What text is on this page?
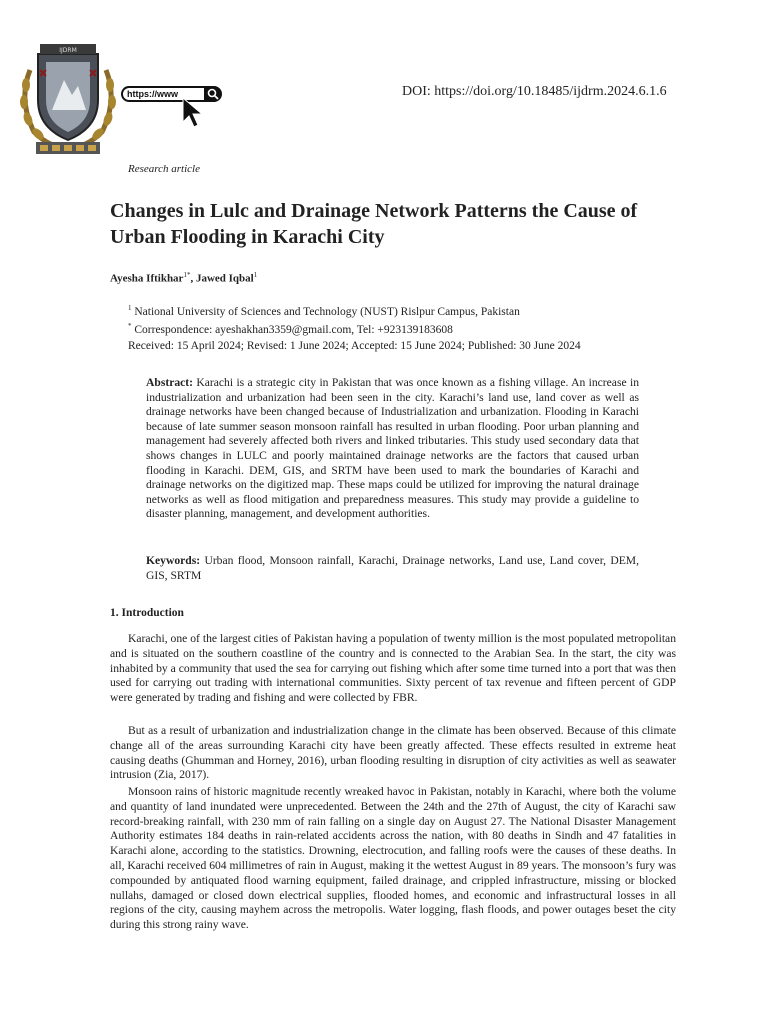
IJDRM
https://www	DOI: https://doi.org/10.18485/ijdrm.2024.6.1.6
Research article
Changes in Lulc and Drainage Network Patterns the Cause of Urban Flooding in Karachi City
Ayesha Iftikhar$^{1*}$, Jawed Iqbal$^1$
$^1$ National University of Sciences and Technology (NUST) Rislpur Campus, Pakistan
* Correspondence: ayeshakhan3359@gmail.com, Tel: +923139183608
Received: 15 April 2024; Revised: 1 June 2024; Accepted: 15 June 2024; Published: 30 June 2024

Abstract: Karachi is a strategic city in Pakistan that was once known as a fishing village. An increase in industrialization and urbanization had been seen in the city. Karachi’s land use, land cover as well as drainage networks have been changed because of Industrialization and urbanization. Flooding in Karachi because of late summer season monsoon rainfall has resulted in urban flooding. Poor urban planning and management had severely affected both rivers and linked tributaries. This study used secondary data that shows changes in LULC and poorly maintained drainage networks are the factors that caused urban flooding in Karachi. DEM, GIS, and SRTM have been used to mark the boundaries of Karachi and drainage networks on the digitized map. These maps could be utilized for improving the natural drainage networks as well as flood mitigation and preparedness measures. This study may provide a guideline to disaster planning, management, and development authorities.

Keywords: Urban flood, Monsoon rainfall, Karachi, Drainage networks, Land use, Land cover, DEM, GIS, SRTM

1. Introduction

Karachi, one of the largest cities of Pakistan having a population of twenty million is the most populated metropolitan and is situated on the southern coastline of the country and is connected to the Arabian Sea. In the start, the city was inhabited by a community that used the sea for carrying out fishing which after some time turned into a port that was then used for carrying out trading with international communities. Sixty percent of tax revenue and fifteen percent of GDP were generated by trading and fishing and were collected by FBR.

But as a result of urbanization and industrialization change in the climate has been observed. Because of this climate change all of the areas surrounding Karachi city have been greatly affected. These effects resulted in extreme heat causing deaths (Ghumman and Horney, 2016), urban flooding resulting in disruption of city activities as well as seawater intrusion (Zia, 2017).

Monsoon rains of historic magnitude recently wreaked havoc in Pakistan, notably in Karachi, where both the volume and quantity of land inundated were unprecedented. Between the 24th and the 27th of August, the city of Karachi saw record-breaking rainfall, with 230 mm of rain falling on a single day on August 27. The National Disaster Management Authority estimates 184 deaths in rain-related accidents across the nation, with 80 deaths in Sindh and 47 fatalities in Karachi alone, according to the statistics. Drowning, electrocution, and falling roofs were the causes of these deaths. In all, Karachi received 604 millimetres of rain in August, making it the wettest August in 89 years. The monsoon’s fury was compounded by antiquated flood warning equipment, failed drainage, and crippled infrastructure, missing or blocked nullahs, damaged or closed down electrical supplies, flooded homes, and economic and infrastructural losses in all regions of the city, causing mayhem across the metropolis. Water logging, flash floods, and power outages beset the city during this strong rainy wave.
